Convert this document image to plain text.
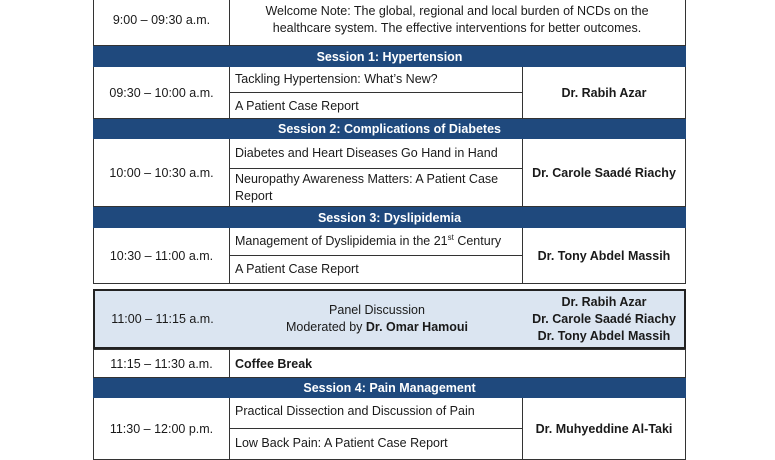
9:00 – 09:30 a.m.
Welcome Note: The global, regional and local burden of NCDs on the healthcare system. The effective interventions for better outcomes.
Session 1: Hypertension
09:30 – 10:00 a.m.
Tackling Hypertension: What’s New?
A Patient Case Report
Dr. Rabih Azar
Session 2: Complications of Diabetes
10:00 – 10:30 a.m.
Diabetes and Heart Diseases Go Hand in Hand
Neuropathy Awareness Matters: A Patient Case Report
Dr. Carole Saadé Riachy
Session 3: Dyslipidemia
10:30 – 11:00 a.m.
Management of Dyslipidemia in the 21st Century
A Patient Case Report
Dr. Tony Abdel Massih
11:00 – 11:15 a.m.
Panel Discussion
Moderated by Dr. Omar Hamoui
Dr. Rabih Azar
Dr. Carole Saadé Riachy
Dr. Tony Abdel Massih
11:15 – 11:30 a.m.	Coffee Break
Session 4: Pain Management
11:30 – 12:00 p.m.
Practical Dissection and Discussion of Pain
Low Back Pain: A Patient Case Report
Dr. Muhyeddine Al-Taki
